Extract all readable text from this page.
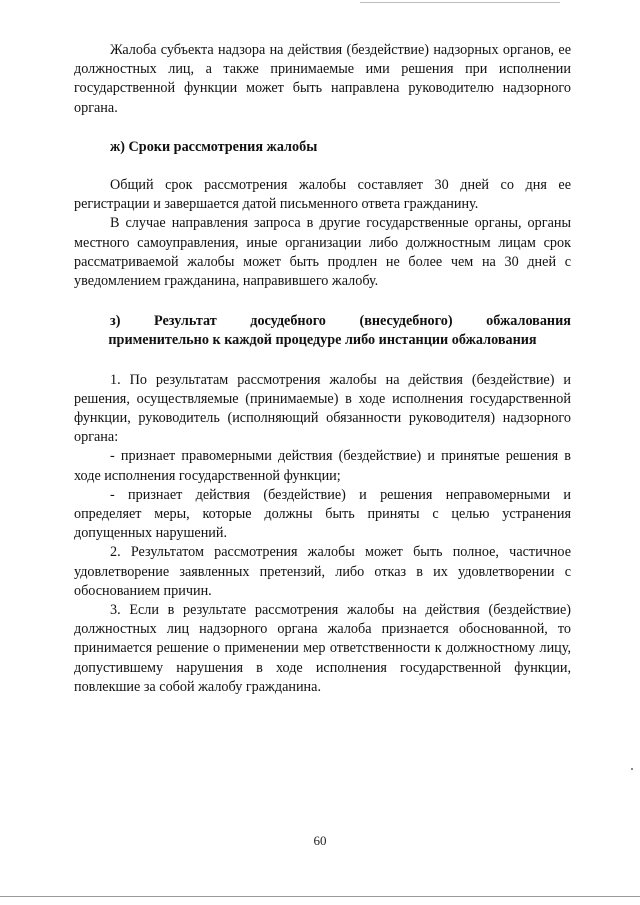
Жалоба субъекта надзора на действия (бездействие) надзорных органов, ее должностных лиц, а также принимаемые ими решения при исполнении государственной функции может быть направлена руководителю надзорного органа.

ж) Сроки рассмотрения жалобы

Общий срок рассмотрения жалобы составляет 30 дней со дня ее регистрации и завершается датой письменного ответа гражданину.

В случае направления запроса в другие государственные органы, органы местного самоуправления, иные организации либо должностным лицам срок рассматриваемой жалобы может быть продлен не более чем на 30 дней с уведомлением гражданина, направившего жалобу.

з) Результат досудебного (внесудебного) обжалования
применительно к каждой процедуре либо инстанции обжалования

1. По результатам рассмотрения жалобы на действия (бездействие) и решения, осуществляемые (принимаемые) в ходе исполнения государственной функции, руководитель (исполняющий обязанности руководителя) надзорного органа:

- признает правомерными действия (бездействие) и принятые решения в ходе исполнения государственной функции;

- признает действия (бездействие) и решения неправомерными и определяет меры, которые должны быть приняты с целью устранения допущенных нарушений.

2. Результатом рассмотрения жалобы может быть полное, частичное удовлетворение заявленных претензий, либо отказ в их удовлетворении с обоснованием причин.

3. Если в результате рассмотрения жалобы на действия (бездействие) должностных лиц надзорного органа жалоба признается обоснованной, то принимается решение о применении мер ответственности к должностному лицу, допустившему нарушения в ходе исполнения государственной функции, повлекшие за собой жалобу гражданина.

60
